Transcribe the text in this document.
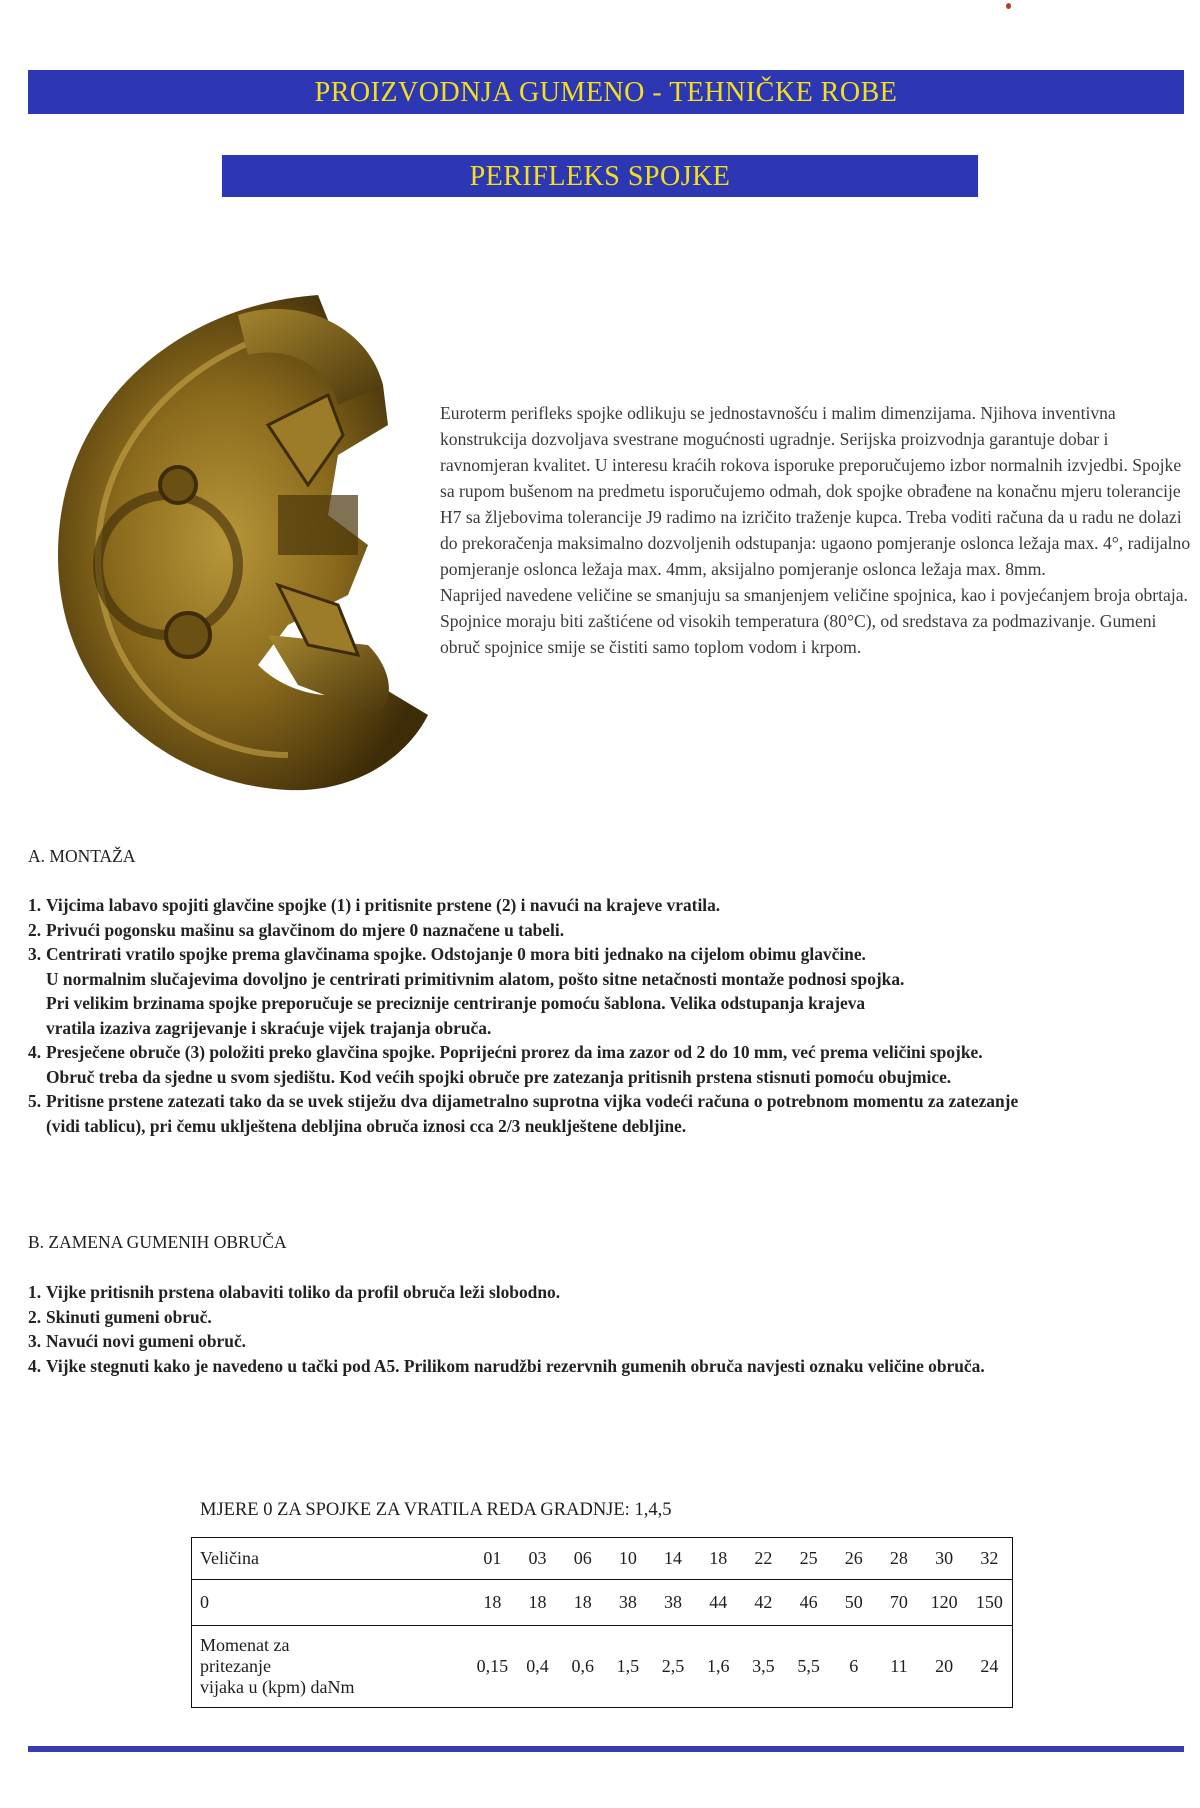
PROIZVODNJA GUMENO - TEHNIČKE ROBE
PERIFLEKS SPOJKE
Euroterm perifleks spojke odlikuju se jednostavnošću i malim dimenzijama. Njihova inventivna konstrukcija dozvoljava svestrane mogućnosti ugradnje. Serijska proizvodnja garantuje dobar i ravnomjeran kvalitet. U interesu kraćih rokova isporuke preporučujemo izbor normalnih izvjedbi. Spojke sa rupom bušenom na predmetu isporučujemo odmah, dok spojke obrađene na konačnu mjeru tolerancije H7 sa žljebovima tolerancije J9 radimo na izričito traženje kupca. Treba voditi računa da u radu ne dolazi do prekoračenja maksimalno dozvoljenih odstupanja: ugaono pomjeranje oslonca ležaja max. 4°, radijalno pomjeranje oslonca ležaja max. 4mm, aksijalno pomjeranje oslonca ležaja max. 8mm.
Naprijed navedene veličine se smanjuju sa smanjenjem veličine spojnica, kao i povjećanjem broja obrtaja. Spojnice moraju biti zaštićene od visokih temperatura (80°C), od sredstava za podmazivanje. Gumeni obruč spojnice smije se čistiti samo toplom vodom i krpom.
A. MONTAŽA
1. Vijcima labavo spojiti glavčine spojke (1) i pritisnite prstene (2) i navući na krajeve vratila.
2. Privući pogonsku mašinu sa glavčinom do mjere 0 naznačene u tabeli.
3. Centrirati vratilo spojke prema glavčinama spojke. Odstojanje 0 mora biti jednako na cijelom obimu glavčine.
U normalnim slučajevima dovoljno je centrirati primitivnim alatom, pošto sitne netačnosti montaže podnosi spojka.
Pri velikim brzinama spojke preporučuje se preciznije centriranje pomoću šablona. Velika odstupanja krajeva
vratila izaziva zagrijevanje i skraćuje vijek trajanja obruča.
4. Presječene obruče (3) položiti preko glavčina spojke. Poprijećni prorez da ima zazor od 2 do 10 mm, već prema veličini spojke.
Obruč treba da sjedne u svom sjedištu. Kod većih spojki obruče pre zatezanja pritisnih prstena stisnuti pomoću obujmice.
5. Pritisne prstene zatezati tako da se uvek stiježu dva dijametralno suprotna vijka vodeći računa o potrebnom momentu za zatezanje
(vidi tablicu), pri čemu uklještena debljina obruča iznosi cca 2/3 neuklještene debljine.
B. ZAMENA GUMENIH OBRUČA
1. Vijke pritisnih prstena olabaviti toliko da profil obruča leži slobodno.
2. Skinuti gumeni obruč.
3. Navući novi gumeni obruč.
4. Vijke stegnuti kako je navedeno u tački pod A5. Prilikom narudžbi rezervnih gumenih obruča navjesti oznaku veličine obruča.
MJERE 0 ZA SPOJKE ZA VRATILA REDA GRADNJE: 1,4,5
Veličina	01	03	06	10	14	18	22	25	26	28	30	32
0	18	18	18	38	38	44	42	46	50	70	120	150
Momenat za
pritezanje
vijaka u (kpm) daNm	0,15	0,4	0,6	1,5	2,5	1,6	3,5	5,5	6	11	20	24
